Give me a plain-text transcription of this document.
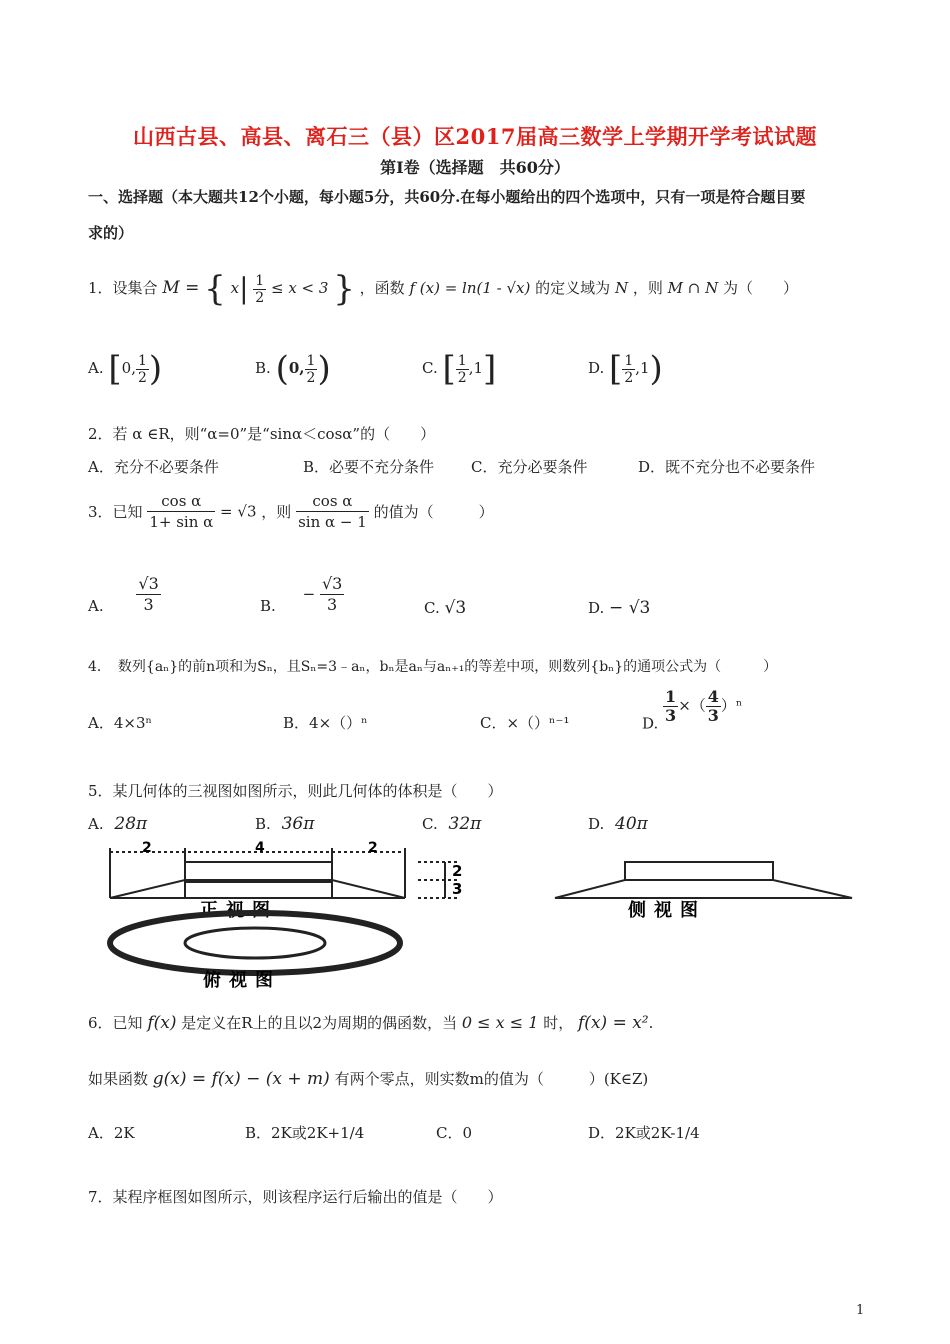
山西古县、高县、离石三（县）区2017届高三数学上学期开学考试试题
第Ⅰ卷（选择题　共60分）
一、选择题（本大题共12个小题，每小题5分，共60分.在每小题给出的四个选项中，只有一项是符合题目要
求的）
1．设集合 M = { $x| \frac{1}{2} \le x < 3$ } ，函数 f (x) = ln(1 - √x) 的定义域为 N ，则 M ∩ N 为（　　）
A. [0, $\frac{1}{2}$ )	B. (0, $\frac{1}{2}$ )	C. [ $\frac{1}{2} ,1$]	D. [ $\frac{1}{2} ,1$)
2．若 α ∈R，则“α=0”是“sinα＜cosα”的（　　）
A．充分不必要条件	B．必要不充分条件 C．充分必要条件	D．既不充分也不必要条件
3．已知 $\frac{\text{cos α}}{\text{1+ sin α}} = √3$ ，则 $\frac{\text{cos α}}{\text{sin α − 1}}$ 的值为（　　　）
A. $\frac{√3}{3}$	B. − $\frac{√3}{3}$	C. √3	D. − √3
4．　数列{aₙ}的前n项和为Sₙ，且Sₙ=3﹣aₙ，bₙ是aₙ与aₙ₊₁的等差中项，则数列{bₙ}的通项公式为（　　　）
A．4×3ⁿ	B．4×（）ⁿ	C．×（）ⁿ⁻¹	D. $\frac{1}{3}$ ×（ $\frac{4}{3} )^n$
5．某几何体的三视图如图所示，则此几何体的体积是（　　）
A. 28π	B. 36π	C. 32π	D. 40π
2	4	2
2
3
正视图	侧视图
俯视图
6．已知 f(x) 是定义在R上的且以2为周期的偶函数，当 0 ≤ x ≤ 1 时， f(x) = x².
如果函数 g(x) = f(x) − (x + m) 有两个零点，则实数m的值为（　　　）(K∈Z)
A．2K	B．2K或2K+1/4	C．0	D．2K或2K-1/4
7．某程序框图如图所示，则该程序运行后输出的值是（　　）
1
